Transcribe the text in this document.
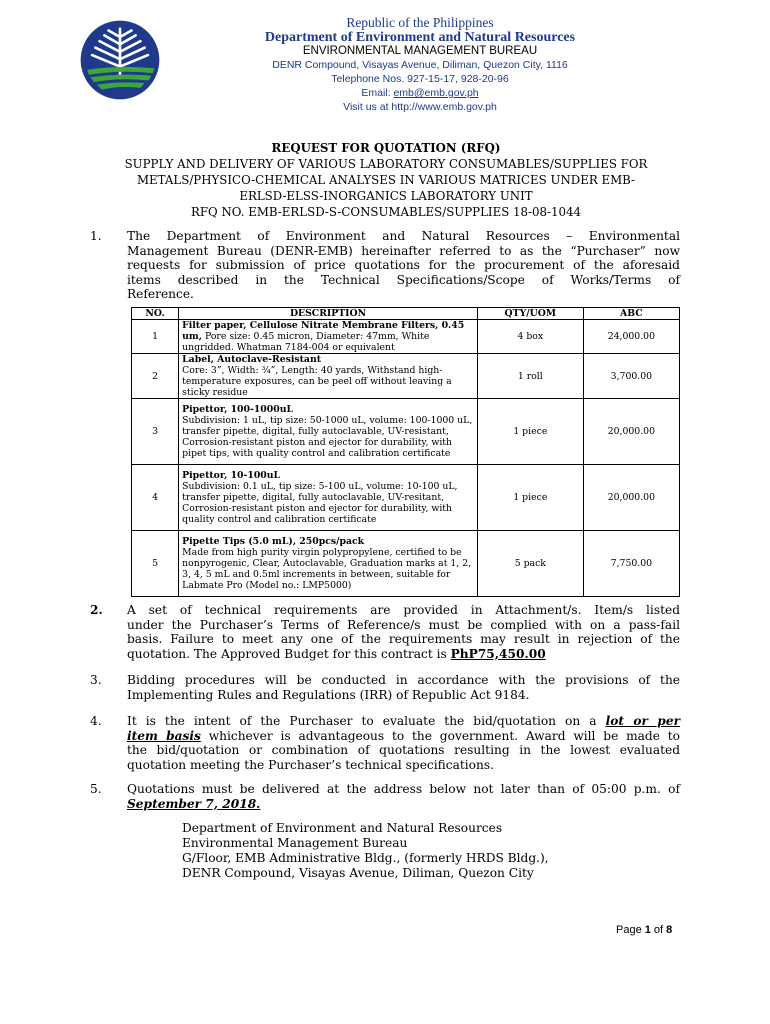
Republic of the Philippines
Department of Environment and Natural Resources
ENVIRONMENTAL MANAGEMENT BUREAU
DENR Compound, Visayas Avenue, Diliman, Quezon City, 1116
Telephone Nos. 927-15-17, 928-20-96
Email: emb@emb.gov.ph
Visit us at http://www.emb.gov.ph
REQUEST FOR QUOTATION (RFQ)
SUPPLY AND DELIVERY OF VARIOUS LABORATORY CONSUMABLES/SUPPLIES FOR
METALS/PHYSICO-CHEMICAL ANALYSES IN VARIOUS MATRICES UNDER EMB-
ERLSD-ELSS-INORGANICS LABORATORY UNIT
RFQ NO. EMB-ERLSD-S-CONSUMABLES/SUPPLIES 18-08-1044
1. The Department of Environment and Natural Resources – Environmental
Management Bureau (DENR-EMB) hereinafter referred to as the “Purchaser” now
requests for submission of price quotations for the procurement of the aforesaid
items described in the Technical Specifications/Scope of Works/Terms of
Reference.
NO.	DESCRIPTION	QTY/UOM	ABC
1	Filter paper, Cellulose Nitrate Membrane Filters, 0.45 um, Pore size: 0.45 micron, Diameter: 47mm, White ungridded. Whatman 7184-004 or equivalent	4 box	24,000.00
2	Label, Autoclave-Resistant
Core: 3”, Width: ¾”, Length: 40 yards, Withstand high-temperature exposures, can be peel off without leaving a sticky residue	1 roll	3,700.00
3	Pipettor, 100-1000uL
Subdivision: 1 uL, tip size: 50-1000 uL, volume: 100-1000 uL, transfer pipette, digital, fully autoclavable, UV-resistant, Corrosion-resistant piston and ejector for durability, with pipet tips, with quality control and calibration certificate	1 piece	20,000.00
4	Pipettor, 10-100uL
Subdivision: 0.1 uL, tip size: 5-100 uL, volume: 10-100 uL, transfer pipette, digital, fully autoclavable, UV-resitant, Corrosion-resistant piston and ejector for durability, with quality control and calibration certificate	1 piece	20,000.00
5	Pipette Tips (5.0 mL), 250pcs/pack
Made from high purity virgin polypropylene, certified to be nonpyrogenic, Clear, Autoclavable, Graduation marks at 1, 2, 3, 4, 5 mL and 0.5ml increments in between, suitable for Labmate Pro (Model no.: LMP5000)	5 pack	7,750.00
2. A set of technical requirements are provided in Attachment/s. Item/s listed
under the Purchaser’s Terms of Reference/s must be complied with on a pass-fail
basis. Failure to meet any one of the requirements may result in rejection of the
quotation. The Approved Budget for this contract is PhP75,450.00
3. Bidding procedures will be conducted in accordance with the provisions of the
Implementing Rules and Regulations (IRR) of Republic Act 9184.
4. It is the intent of the Purchaser to evaluate the bid/quotation on a lot or per
item basis whichever is advantageous to the government. Award will be made to
the bid/quotation or combination of quotations resulting in the lowest evaluated
quotation meeting the Purchaser’s technical specifications.
5. Quotations must be delivered at the address below not later than of 05:00 p.m. of
September 7, 2018.
Department of Environment and Natural Resources
Environmental Management Bureau
G/Floor, EMB Administrative Bldg., (formerly HRDS Bldg.),
DENR Compound, Visayas Avenue, Diliman, Quezon City
Page 1 of 8
